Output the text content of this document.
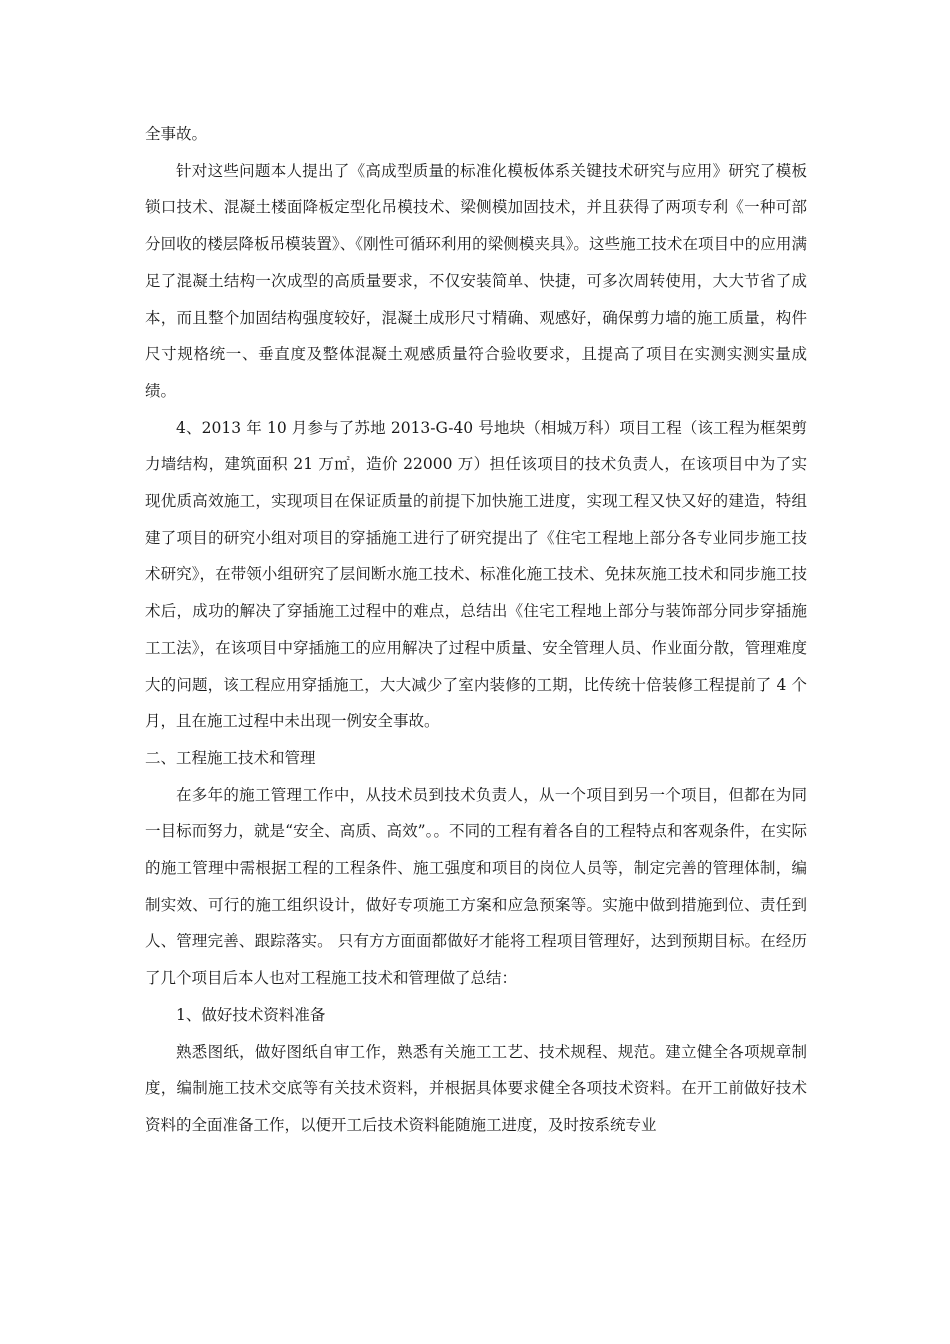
全事故。

针对这些问题本人提出了《高成型质量的标准化模板体系关键技术研究与应用》研究了模板锁口技术、混凝土楼面降板定型化吊模技术、梁侧模加固技术，并且获得了两项专利《一种可部分回收的楼层降板吊模装置》、《刚性可循环利用的梁侧模夹具》。这些施工技术在项目中的应用满足了混凝土结构一次成型的高质量要求，不仅安装简单、快捷，可多次周转使用，大大节省了成本，而且整个加固结构强度较好，混凝土成形尺寸精确、观感好，确保剪力墙的施工质量，构件尺寸规格统一、垂直度及整体混凝土观感质量符合验收要求，且提高了项目在实测实测实量成绩。

4、2013 年 10 月参与了苏地 2013-G-40 号地块（相城万科）项目工程（该工程为框架剪力墙结构，建筑面积 21 万㎡，造价 22000 万）担任该项目的技术负责人，在该项目中为了实现优质高效施工，实现项目在保证质量的前提下加快施工进度，实现工程又快又好的建造，特组建了项目的研究小组对项目的穿插施工进行了研究提出了《住宅工程地上部分各专业同步施工技术研究》，在带领小组研究了层间断水施工技术、标准化施工技术、免抹灰施工技术和同步施工技术后，成功的解决了穿插施工过程中的难点，总结出《住宅工程地上部分与装饰部分同步穿插施工工法》，在该项目中穿插施工的应用解决了过程中质量、安全管理人员、作业面分散，管理难度大的问题，该工程应用穿插施工，大大减少了室内装修的工期，比传统十倍装修工程提前了 4 个月，且在施工过程中未出现一例安全事故。

二、工程施工技术和管理

在多年的施工管理工作中，从技术员到技术负责人，从一个项目到另一个项目，但都在为同一目标而努力，就是“安全、高质、高效”。。不同的工程有着各自的工程特点和客观条件，在实际的施工管理中需根据工程的工程条件、施工强度和项目的岗位人员等，制定完善的管理体制，编制实效、可行的施工组织设计，做好专项施工方案和应急预案等。实施中做到措施到位、责任到人、管理完善、跟踪落实。 只有方方面面都做好才能将工程项目管理好，达到预期目标。在经历了几个项目后本人也对工程施工技术和管理做了总结：

1、做好技术资料准备

熟悉图纸，做好图纸自审工作，熟悉有关施工工艺、技术规程、规范。建立健全各项规章制度，编制施工技术交底等有关技术资料，并根据具体要求健全各项技术资料。在开工前做好技术资料的全面准备工作，以便开工后技术资料能随施工进度，及时按系统专业
